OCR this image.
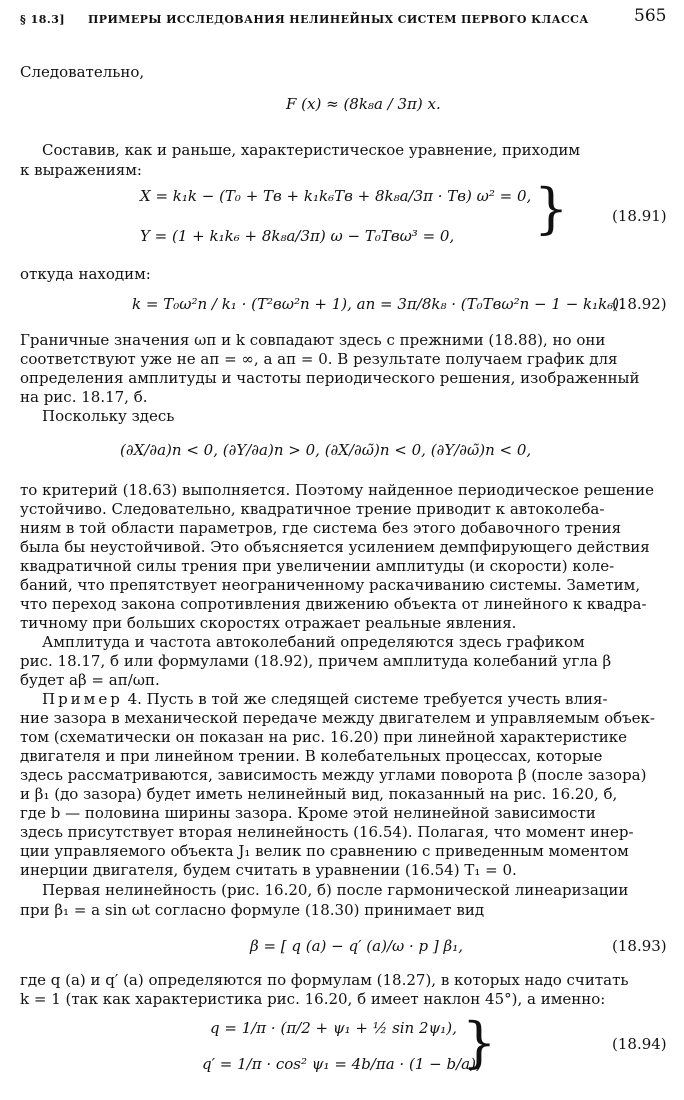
§ 18.3] ПРИМЕРЫ ИССЛЕДОВАНИЯ НЕЛИНЕЙНЫХ СИСТЕМ ПЕРВОГО КЛАССА	565
Следовательно,
F (x) ≈ (8k₈a / 3π) x.
Составив, как и раньше, характеристическое уравнение, приходим
к выражениям:
X = k₁k − (T₀ + Tв + k₁k₆Tв + 8k₈a/3π · Tв) ω² = 0,
Y = (1 + k₁k₆ + 8k₈a/3π) ω − T₀Tвω³ = 0, }	(18.91)
откуда находим:
k = T₀ω²п / k₁ · (T²вω²п + 1), aп = 3π/8k₈ · (T₀Tвω²п − 1 − k₁k₆).
(18.92)
Граничные значения ωп и k совпадают здесь с прежними (18.88), но они
соответствуют уже не aп = ∞, а aп = 0. В результате получаем график для
определения амплитуды и частоты периодического решения, изображенный
на рис. 18.17, б.
Поскольку здесь
(∂X/∂a)п < 0, (∂Y/∂a)п > 0, (∂X/∂ω̃)п < 0, (∂Y/∂ω̃)п < 0,
то критерий (18.63) выполняется. Поэтому найденное периодическое решение
устойчиво. Следовательно, квадратичное трение приводит к автоколеба-
ниям в той области параметров, где система без этого добавочного трения
была бы неустойчивой. Это объясняется усилением демпфирующего действия
квадратичной силы трения при увеличении амплитуды (и скорости) коле-
баний, что препятствует неограниченному раскачиванию системы. Заметим,
что переход закона сопротивления движению объекта от линейного к квадра-
тичному при больших скоростях отражает реальные явления.
Амплитуда и частота автоколебаний определяются здесь графиком
рис. 18.17, б или формулами (18.92), причем амплитуда колебаний угла β
будет aβ = aп/ωп.
Пример 4. Пусть в той же следящей системе требуется учесть влия-
ние зазора в механической передаче между двигателем и управляемым объек-
том (схематически он показан на рис. 16.20) при линейной характеристике
двигателя и при линейном трении. В колебательных процессах, которые
здесь рассматриваются, зависимость между углами поворота β (после зазора)
и β₁ (до зазора) будет иметь нелинейный вид, показанный на рис. 16.20, б,
где b — половина ширины зазора. Кроме этой нелинейной зависимости
здесь присутствует вторая нелинейность (16.54). Полагая, что момент инер-
ции управляемого объекта J₁ велик по сравнению с приведенным моментом
инерции двигателя, будем считать в уравнении (16.54) T₁ = 0.
Первая нелинейность (рис. 16.20, б) после гармонической линеаризации
при β₁ = a sin ωt согласно формуле (18.30) принимает вид
β = [ q (a) − q′ (a)/ω · p ] β₁,	(18.93)
где q (a) и q′ (a) определяются по формулам (18.27), в которых надо считать
k = 1 (так как характеристика рис. 16.20, б имеет наклон 45°), а именно:
q = 1/π · (π/2 + ψ₁ + ½ sin 2ψ₁),
q′ = 1/π · cos² ψ₁ = 4b/πa · (1 − b/a),
}	(18.94)
